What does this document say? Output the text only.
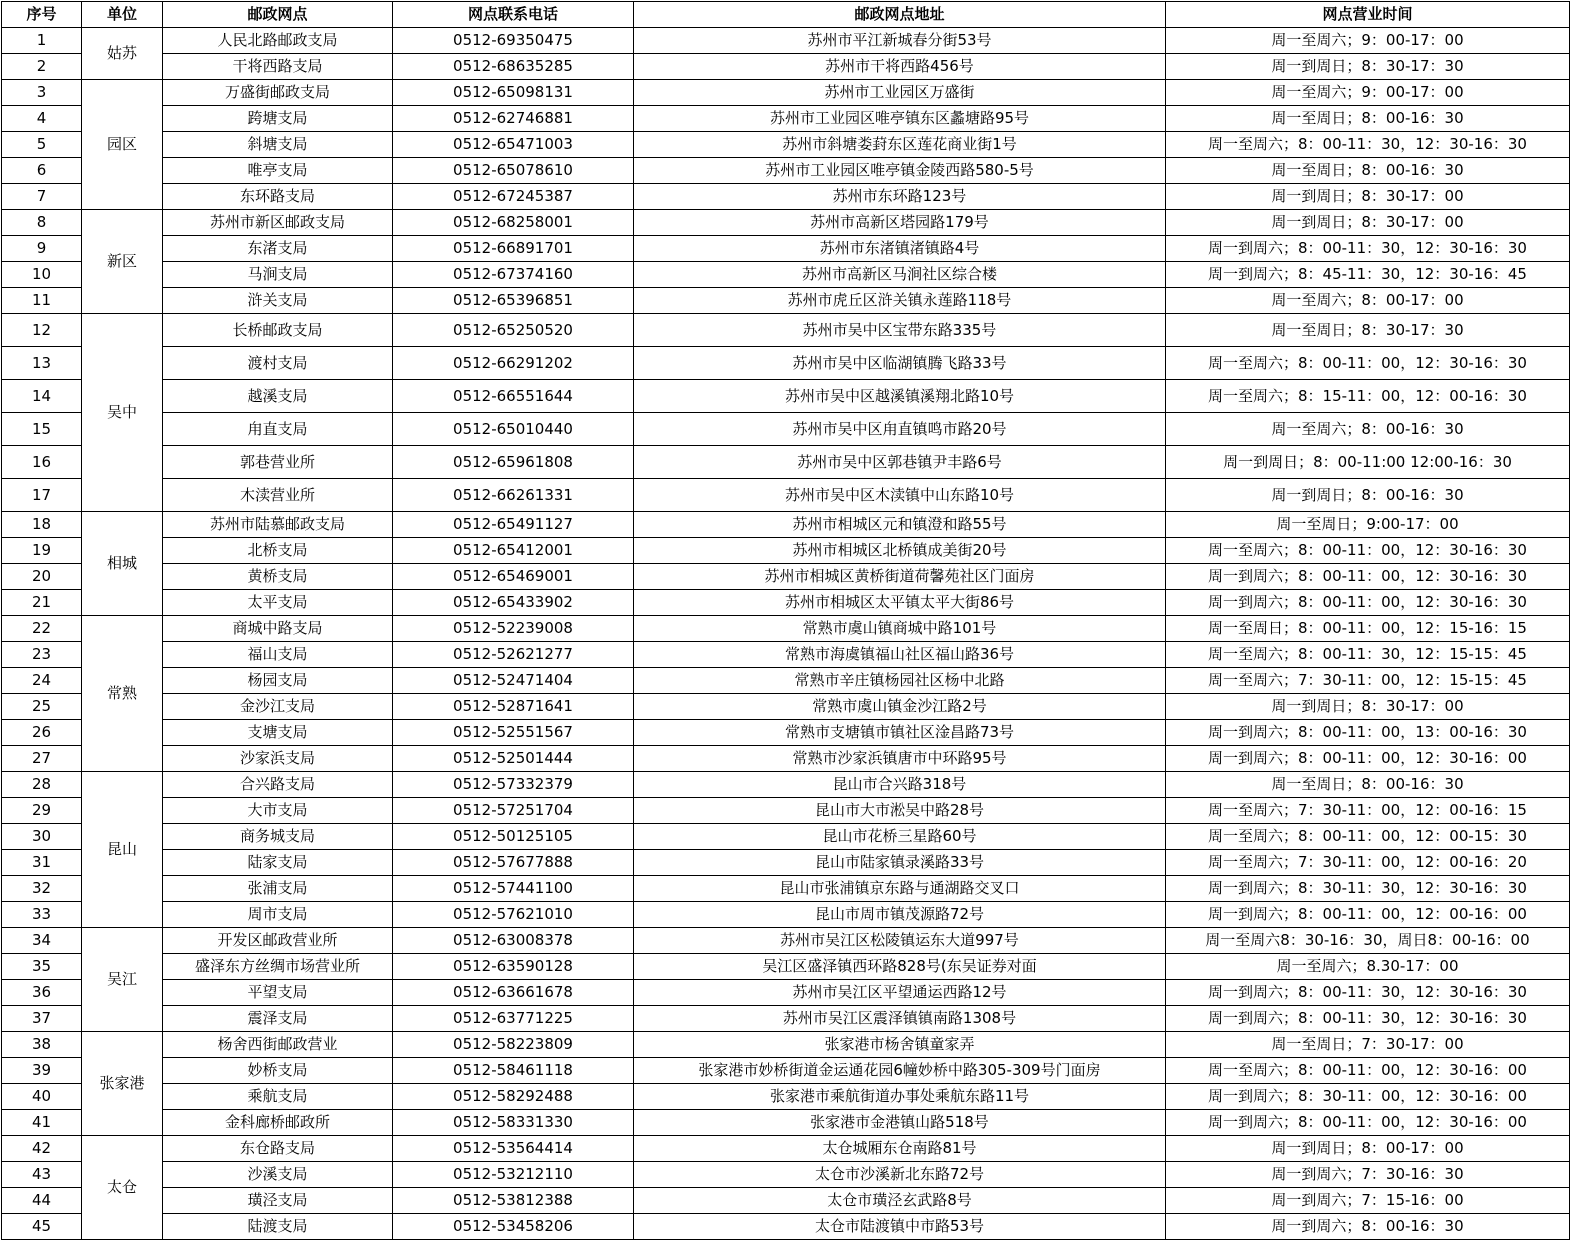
序号	单位	邮政网点	网点联系电话	邮政网点地址	网点营业时间
1	姑苏	人民北路邮政支局	0512-69350475	苏州市平江新城春分街53号	周一至周六；9：00-17：00
2		干将西路支局	0512-68635285	苏州市干将西路456号	周一到周日；8：30-17：30
3	园区	万盛街邮政支局	0512-65098131	苏州市工业园区万盛街	周一至周六；9：00-17：00
4		跨塘支局	0512-62746881	苏州市工业园区唯亭镇东区蠡塘路95号	周一至周日；8：00-16：30
5		斜塘支局	0512-65471003	苏州市斜塘娄葑东区莲花商业街1号	周一至周六；8：00-11：30，12：30-16：30
6		唯亭支局	0512-65078610	苏州市工业园区唯亭镇金陵西路580-5号	周一至周日；8：00-16：30
7		东环路支局	0512-67245387	苏州市东环路123号	周一到周日；8：30-17：00
8	新区	苏州市新区邮政支局	0512-68258001	苏州市高新区塔园路179号	周一到周日；8：30-17：00
9		东渚支局	0512-66891701	苏州市东渚镇渚镇路4号	周一到周六；8：00-11：30，12：30-16：30
10		马涧支局	0512-67374160	苏州市高新区马涧社区综合楼	周一到周六；8：45-11：30，12：30-16：45
11		浒关支局	0512-65396851	苏州市虎丘区浒关镇永莲路118号	周一至周六；8：00-17：00
12	吴中	长桥邮政支局	0512-65250520	苏州市吴中区宝带东路335号	周一至周日；8：30-17：30
13		渡村支局	0512-66291202	苏州市吴中区临湖镇腾飞路33号	周一至周六；8：00-11：00，12：30-16：30
14		越溪支局	0512-66551644	苏州市吴中区越溪镇溪翔北路10号	周一至周六；8：15-11：00，12：00-16：30
15		甪直支局	0512-65010440	苏州市吴中区甪直镇鸣市路20号	周一至周六；8：00-16：30
16		郭巷营业所	0512-65961808	苏州市吴中区郭巷镇尹丰路6号	周一到周日；8：00-11:00 12:00-16：30
17		木渎营业所	0512-66261331	苏州市吴中区木渎镇中山东路10号	周一到周日；8：00-16：30
18	相城	苏州市陆慕邮政支局	0512-65491127	苏州市相城区元和镇澄和路55号	周一至周日；9:00-17：00
19		北桥支局	0512-65412001	苏州市相城区北桥镇成美街20号	周一至周六；8：00-11：00，12：30-16：30
20		黄桥支局	0512-65469001	苏州市相城区黄桥街道荷馨苑社区门面房	周一到周六；8：00-11：00，12：30-16：30
21		太平支局	0512-65433902	苏州市相城区太平镇太平大街86号	周一到周六；8：00-11：00，12：30-16：30
22	常熟	商城中路支局	0512-52239008	常熟市虞山镇商城中路101号	周一至周日；8：00-11：00，12：15-16：15
23		福山支局	0512-52621277	常熟市海虞镇福山社区福山路36号	周一至周六；8：00-11：30，12：15-15：45
24		杨园支局	0512-52471404	常熟市辛庄镇杨园社区杨中北路	周一至周六；7：30-11：00，12：15-15：45
25		金沙江支局	0512-52871641	常熟市虞山镇金沙江路2号	周一到周日；8：30-17：00
26		支塘支局	0512-52551567	常熟市支塘镇市镇社区淦昌路73号	周一到周六；8：00-11：00，13：00-16：30
27		沙家浜支局	0512-52501444	常熟市沙家浜镇唐市中环路95号	周一到周六；8：00-11：00，12：30-16：00
28	昆山	合兴路支局	0512-57332379	昆山市合兴路318号	周一至周日；8：00-16：30
29		大市支局	0512-57251704	昆山市大市淞吴中路28号	周一至周六；7：30-11：00，12：00-16：15
30		商务城支局	0512-50125105	昆山市花桥三星路60号	周一至周六；8：00-11：00，12：00-15：30
31		陆家支局	0512-57677888	昆山市陆家镇录溪路33号	周一至周六；7：30-11：00，12：00-16：20
32		张浦支局	0512-57441100	昆山市张浦镇京东路与通湖路交叉口	周一到周六；8：30-11：30，12：30-16：30
33		周市支局	0512-57621010	昆山市周市镇茂源路72号	周一到周六；8：00-11：00，12：00-16：00
34	吴江	开发区邮政营业所	0512-63008378	苏州市吴江区松陵镇运东大道997号	周一至周六8：30-16：30，周日8：00-16：00
35		盛泽东方丝绸市场营业所	0512-63590128	吴江区盛泽镇西环路828号(东吴证券对面	周一至周六；8.30-17：00
36		平望支局	0512-63661678	苏州市吴江区平望通运西路12号	周一到周六；8：00-11：30，12：30-16：30
37		震泽支局	0512-63771225	苏州市吴江区震泽镇镇南路1308号	周一到周六；8：00-11：30，12：30-16：30
38	张家港	杨舍西街邮政营业	0512-58223809	张家港市杨舍镇童家弄	周一至周日；7：30-17：00
39		妙桥支局	0512-58461118	张家港市妙桥街道金运通花园6幢妙桥中路305-309号门面房	周一至周六；8：00-11：00，12：30-16：00
40		乘航支局	0512-58292488	张家港市乘航街道办事处乘航东路11号	周一到周六；8：30-11：00，12：30-16：00
41		金科廊桥邮政所	0512-58331330	张家港市金港镇山路518号	周一到周六；8：00-11：00，12：30-16：00
42	太仓	东仓路支局	0512-53564414	太仓城厢东仓南路81号	周一到周日；8：00-17：00
43		沙溪支局	0512-53212110	太仓市沙溪新北东路72号	周一到周六；7：30-16：30
44		璜泾支局	0512-53812388	太仓市璜泾玄武路8号	周一到周六；7：15-16：00
45		陆渡支局	0512-53458206	太仓市陆渡镇中市路53号	周一到周六；8：00-16：30
